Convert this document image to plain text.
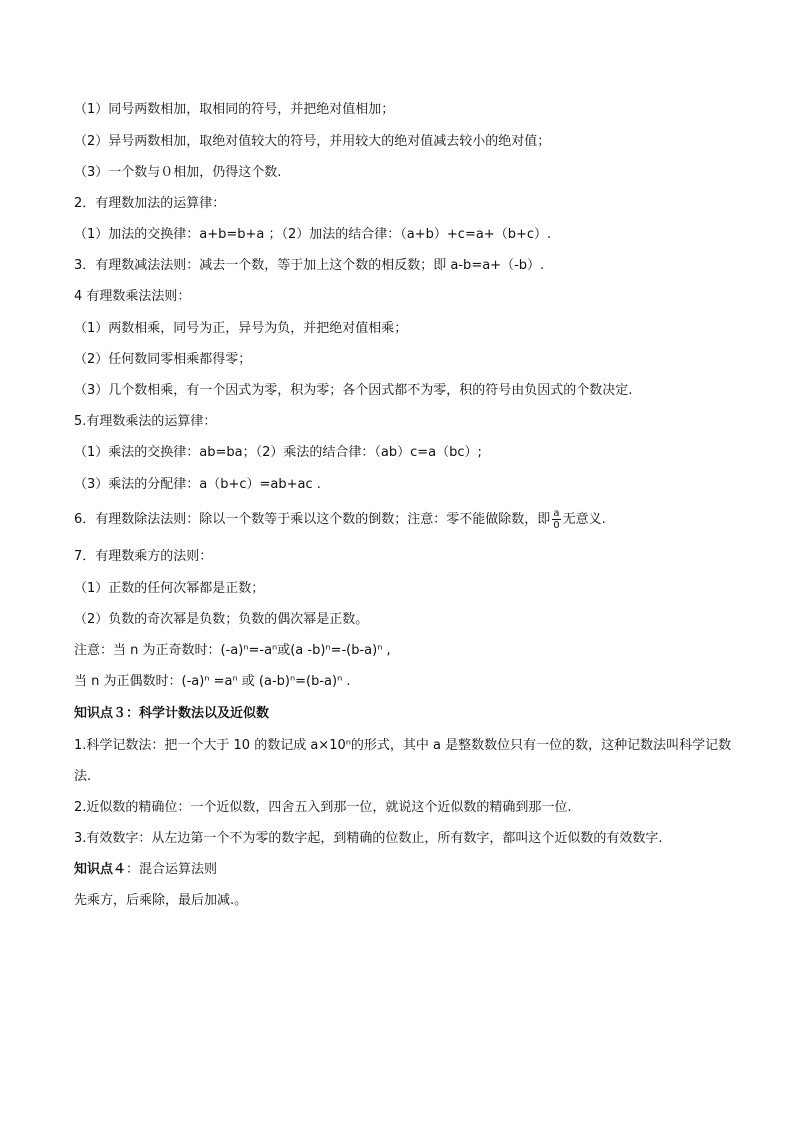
（1）同号两数相加，取相同的符号，并把绝对值相加；
（2）异号两数相加，取绝对值较大的符号，并用较大的绝对值减去较小的绝对值；
（3）一个数与０相加，仍得这个数.
2．有理数加法的运算律：
（1）加法的交换律：a+b=b+a ；（2）加法的结合律：（a+b）+c=a+（b+c）.
3．有理数减法法则：减去一个数，等于加上这个数的相反数；即 a-b=a+（-b）.
4 有理数乘法法则：
（1）两数相乘，同号为正，异号为负，并把绝对值相乘；
（2）任何数同零相乘都得零；
（3）几个数相乘，有一个因式为零，积为零；各个因式都不为零，积的符号由负因式的个数决定.
5.有理数乘法的运算律：
（1）乘法的交换律：ab=ba；（2）乘法的结合律：（ab）c=a（bc）;
（3）乘法的分配律：a（b+c）=ab+ac .
6．有理数除法法则：除以一个数等于乘以这个数的倒数；注意：零不能做除数，即 $\frac{a}{0}$ 无意义.
7．有理数乘方的法则：
（1）正数的任何次幂都是正数；
（2）负数的奇次幂是负数；负数的偶次幂是正数。
注意：当 n 为正奇数时：(-a)ⁿ=-aⁿ或(a -b)ⁿ=-(b-a)ⁿ ,
当 n 为正偶数时：(-a)ⁿ =aⁿ 或 (a-b)ⁿ=(b-a)ⁿ .
知识点３：科学计数法以及近似数
1.科学记数法：把一个大于 10 的数记成 a×10ⁿ的形式，其中 a 是整数数位只有一位的数，这种记数法叫科学记数法.
2.近似数的精确位：一个近似数，四舍五入到那一位，就说这个近似数的精确到那一位.
3.有效数字：从左边第一个不为零的数字起，到精确的位数止，所有数字，都叫这个近似数的有效数字.
知识点４：混合运算法则
先乘方，后乘除，最后加减.。
